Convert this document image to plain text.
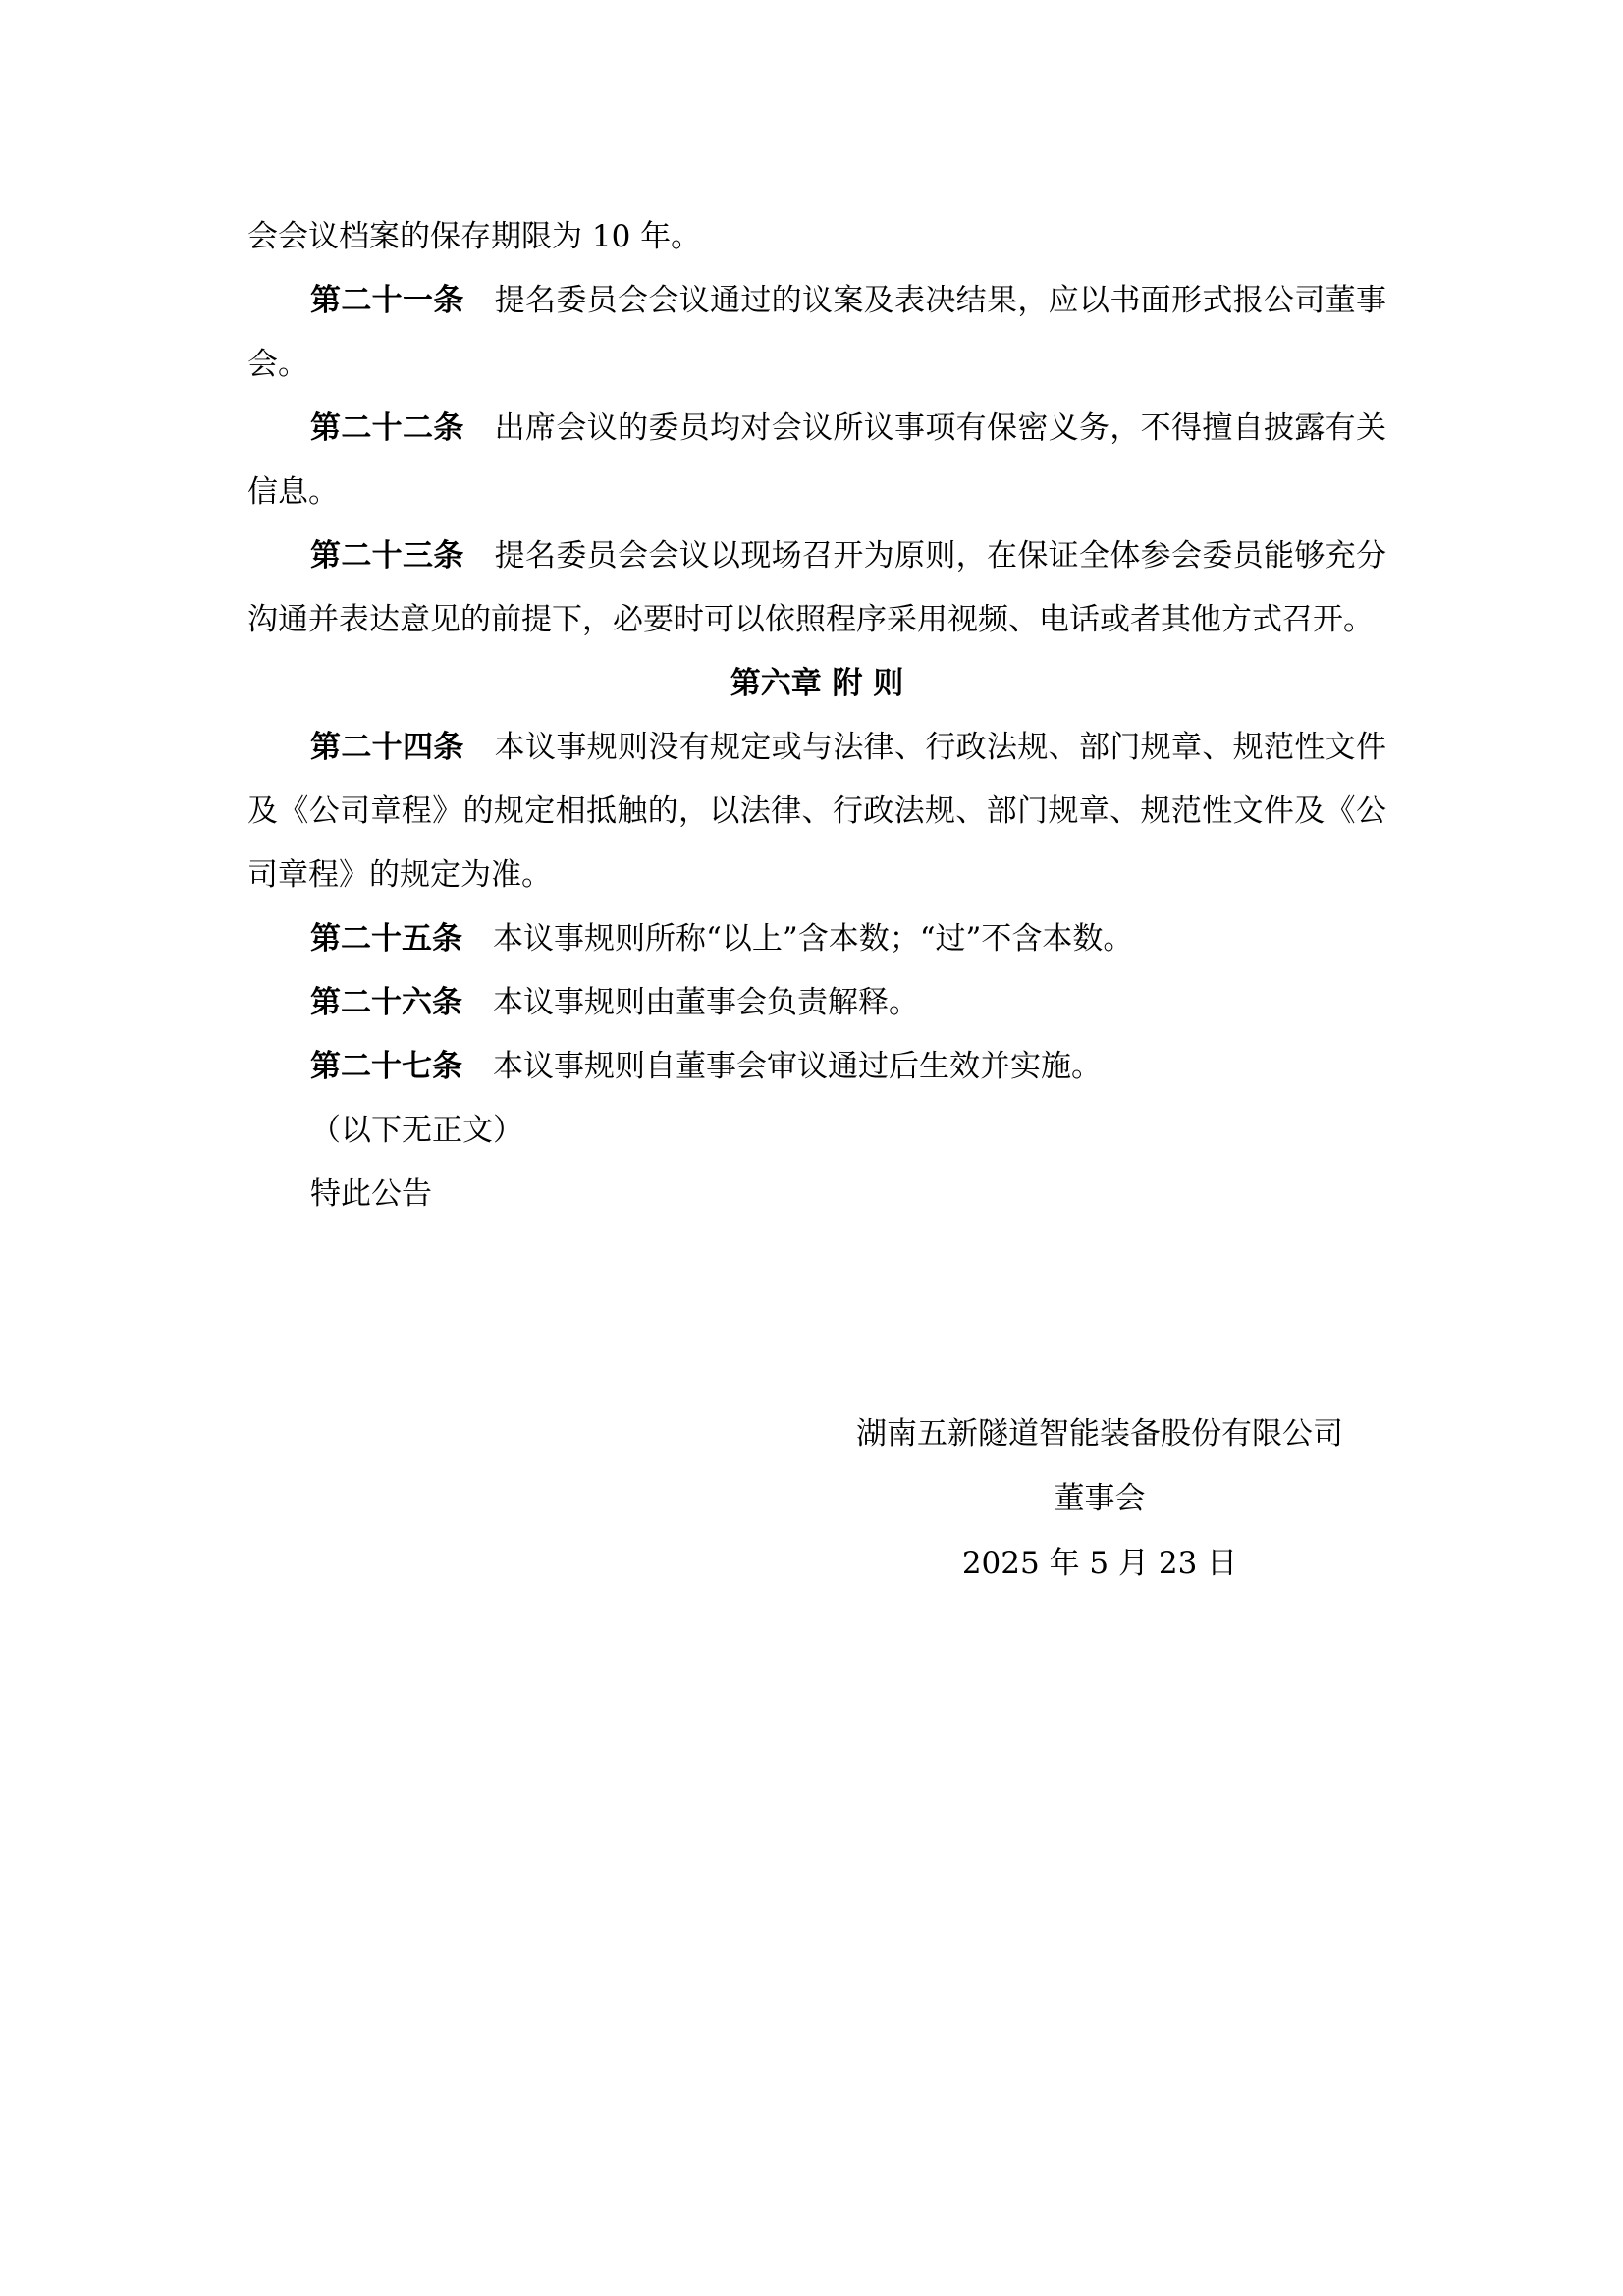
会会议档案的保存期限为 10 年。

第二十一条 提名委员会会议通过的议案及表决结果，应以书面形式报公司董事会。

第二十二条 出席会议的委员均对会议所议事项有保密义务，不得擅自披露有关信息。

第二十三条 提名委员会会议以现场召开为原则，在保证全体参会委员能够充分沟通并表达意见的前提下，必要时可以依照程序采用视频、电话或者其他方式召开。

第六章 附 则

第二十四条 本议事规则没有规定或与法律、行政法规、部门规章、规范性文件及《公司章程》的规定相抵触的，以法律、行政法规、部门规章、规范性文件及《公司章程》的规定为准。

第二十五条 本议事规则所称“以上”含本数；“过”不含本数。

第二十六条 本议事规则由董事会负责解释。

第二十七条 本议事规则自董事会审议通过后生效并实施。

（以下无正文）

特此公告

湖南五新隧道智能装备股份有限公司

董事会

2025 年 5 月 23 日
